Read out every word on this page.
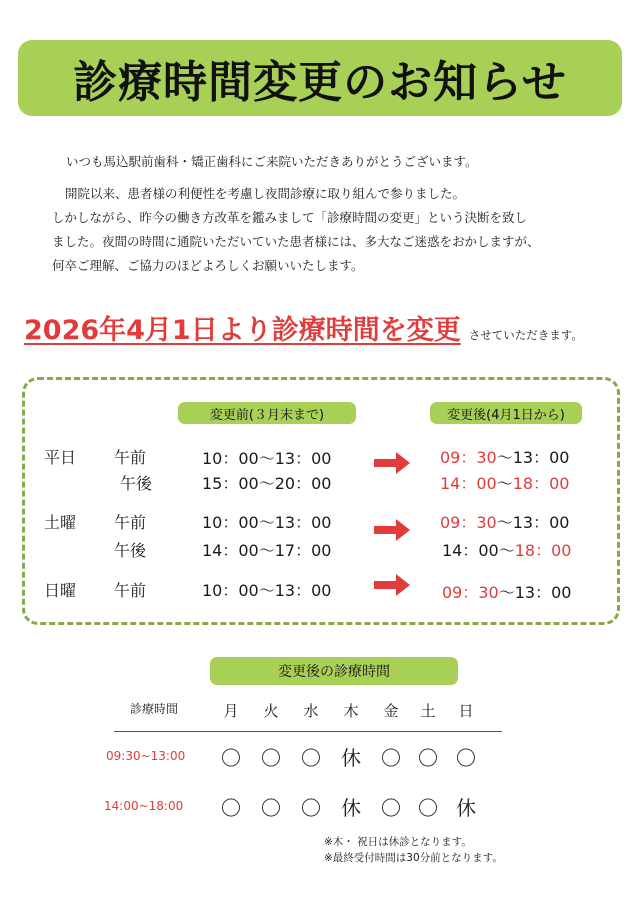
診療時間変更のお知らせ
いつも馬込駅前歯科・矯正歯科にご来院いただきありがとうございます。
開院以来、患者様の利便性を考慮し夜間診療に取り組んで参りました。
しかしながら、昨今の働き方改革を鑑みまして「診療時間の変更」という決断を致し
ました。夜間の時間に通院いただいていた患者様には、多大なご迷惑をおかしますが、
何卒ご理解、ご協力のほどよろしくお願いいたします。
2026年4月1日より診療時間を変更 させていただきます。
変更前(３月末まで)	変更後(4月1日から)
平日 午前	10：00〜13：00	09：30〜13：00
午後	15：00〜20：00	14：00〜18：00
土曜 午前	10：00〜13：00	09：30〜13：00
午後	14：00〜17：00	14：00〜18：00
日曜 午前	10：00〜13：00	09：30〜13：00
変更後の診療時間
診療時間	月	火	水	木	金	土	日
09:30~13:00 〇 〇 〇 休 〇 〇 〇
14:00~18:00 〇 〇 〇 休 〇 〇 休
※木・ 祝日は休診となります。
※最終受付時間は30分前となります。
